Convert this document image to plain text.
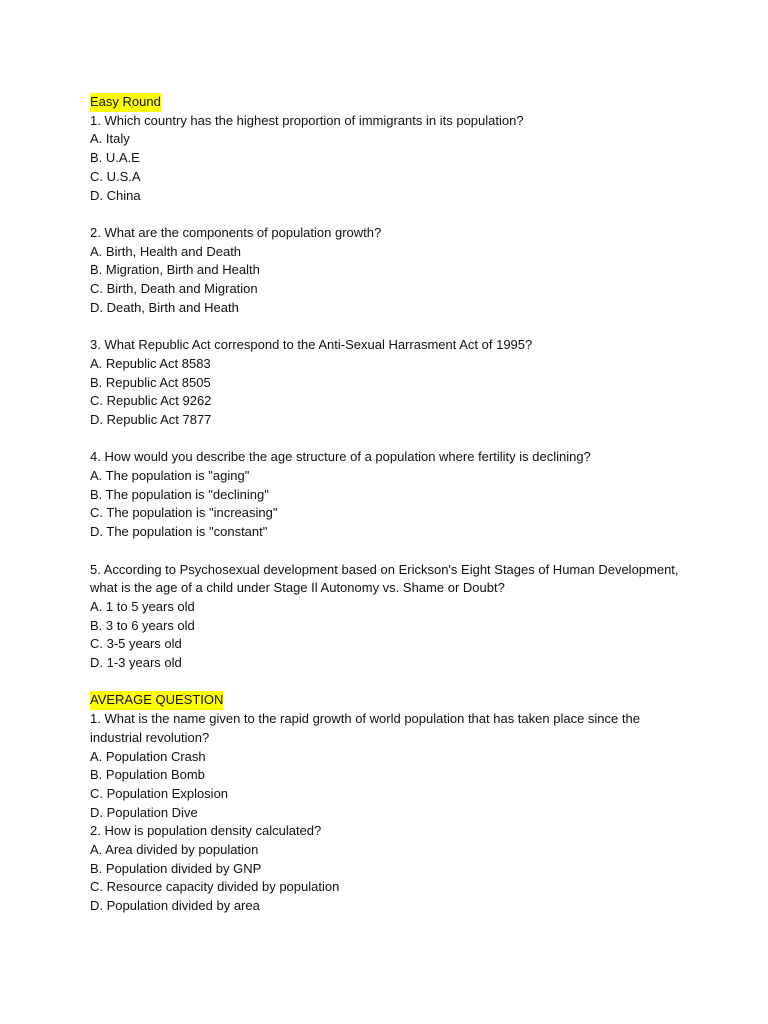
Easy Round
1. Which country has the highest proportion of immigrants in its population?
A. Italy
B. U.A.E
C. U.S.A
D. China
2. What are the components of population growth?
A. Birth, Health and Death
B. Migration, Birth and Health
C. Birth, Death and Migration
D. Death, Birth and Heath
3. What Republic Act correspond to the Anti-Sexual Harrasment Act of 1995?
A. Republic Act 8583
B. Republic Act 8505
C. Republic Act 9262
D. Republic Act 7877
4. How would you describe the age structure of a population where fertility is declining?
A. The population is "aging"
B. The population is "declining"
C. The population is "increasing"
D. The population is "constant"
5. According to Psychosexual development based on Erickson's Eight Stages of Human Development,
what is the age of a child under Stage Il Autonomy vs. Shame or Doubt?
A. 1 to 5 years old
B. 3 to 6 years old
C. 3-5 years old
D. 1-3 years old
AVERAGE QUESTION
1. What is the name given to the rapid growth of world population that has taken place since the
industrial revolution?
A. Population Crash
B. Population Bomb
C. Population Explosion
D. Population Dive
2. How is population density calculated?
A. Area divided by population
B. Population divided by GNP
C. Resource capacity divided by population
D. Population divided by area
